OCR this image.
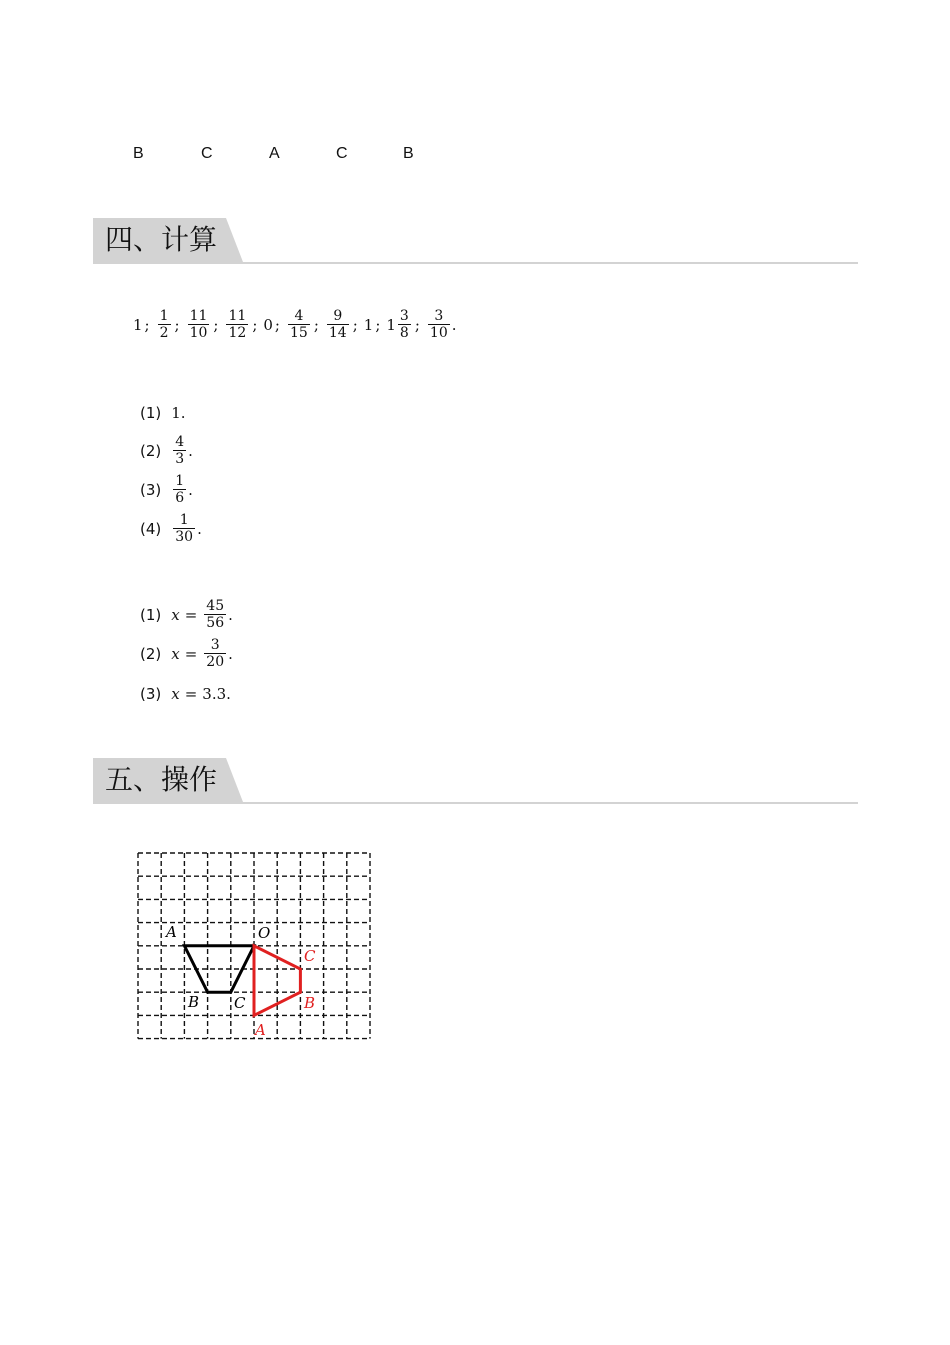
B	C	A	C	B
四、计算
1 ; $\frac{1}{2}$ ; $\frac{11}{10}$ ; $\frac{11}{12}$ ; 0 ; $\frac{4}{15}$ ; $\frac{9}{14}$ ; 1 ; $1 \frac{3}{8}$ ; $\frac{3}{10}$ .
(1) 1 .
$(2) \frac{4}{3}$ .
$(3) \frac{1}{6}$ .
$(4) \frac{1}{30}$ .
(1) $x = \frac{45}{56}$ .
(2) $x = \frac{3}{20}$ .
(3) x = 3.3 .
五、操作
A	O
B C
C
B
A
